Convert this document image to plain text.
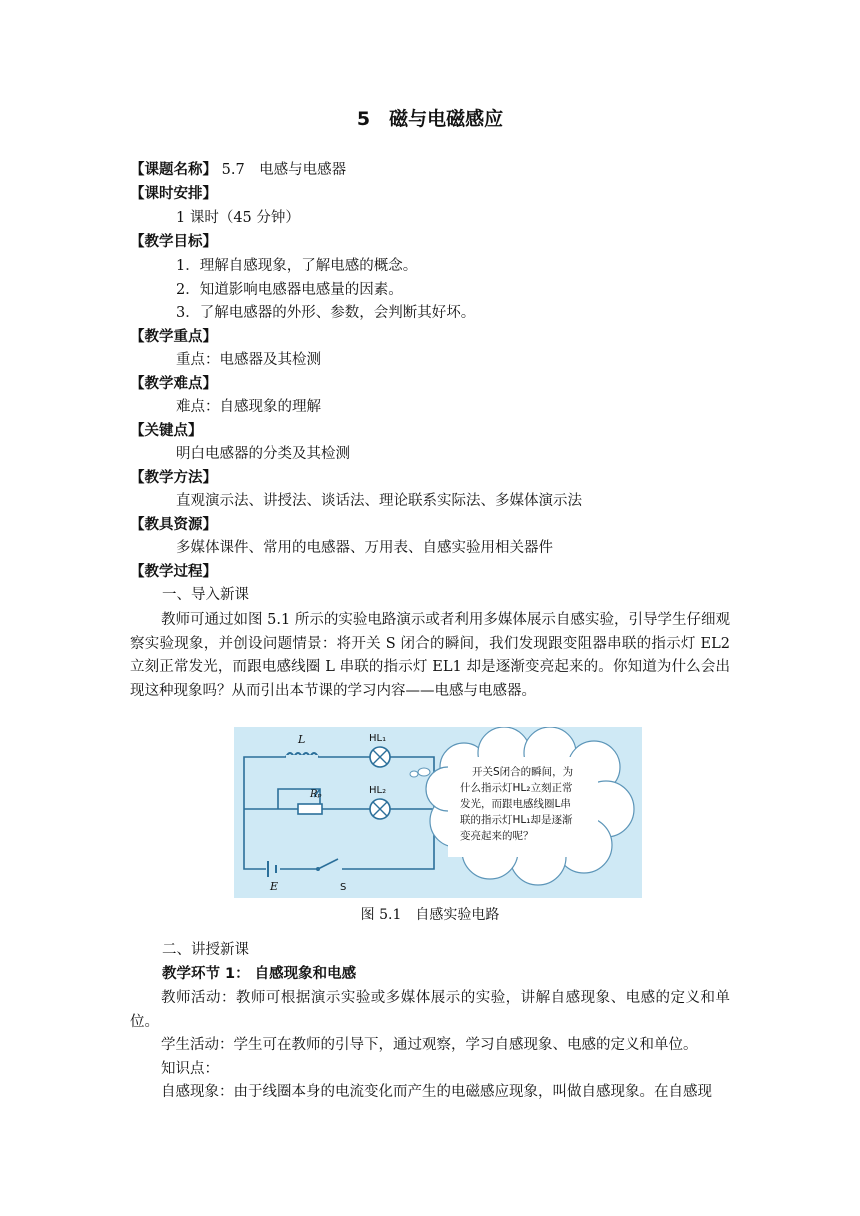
5　磁与电磁感应
【课题名称】 5.7　电感与电感器
【课时安排】
1 课时（45 分钟）
【教学目标】
1．理解自感现象，了解电感的概念。
2．知道影响电感器电感量的因素。
3．了解电感器的外形、参数，会判断其好坏。
【教学重点】
重点：电感器及其检测
【教学难点】
难点：自感现象的理解
【关键点】
明白电感器的分类及其检测
【教学方法】
直观演示法、讲授法、谈话法、理论联系实际法、多媒体演示法
【教具资源】
多媒体课件、常用的电感器、万用表、自感实验用相关器件
【教学过程】
一、导入新课
教师可通过如图 5.1 所示的实验电路演示或者利用多媒体展示自感实验，引导学生仔细观察实验现象，并创设问题情景：将开关 S 闭合的瞬间，我们发现跟变阻器串联的指示灯 EL2 立刻正常发光，而跟电感线圈 L 串联的指示灯 EL1 却是逐渐变亮起来的。你知道为什么会出现这种现象吗？从而引出本节课的学习内容——电感与电感器。
L	HL₁
Rₚ	HL₂
E	S
开关S闭合的瞬间，为
什么指示灯HL₂立刻正常
发光，而跟电感线圈L串
联的指示灯HL₁却是逐渐
变亮起来的呢？
图 5.1　自感实验电路
二、讲授新课
教学环节 1： 自感现象和电感
教师活动：教师可根据演示实验或多媒体展示的实验，讲解自感现象、电感的定义和单位。
学生活动：学生可在教师的引导下，通过观察，学习自感现象、电感的定义和单位。
知识点：
自感现象：由于线圈本身的电流变化而产生的电磁感应现象，叫做自感现象。在自感现
